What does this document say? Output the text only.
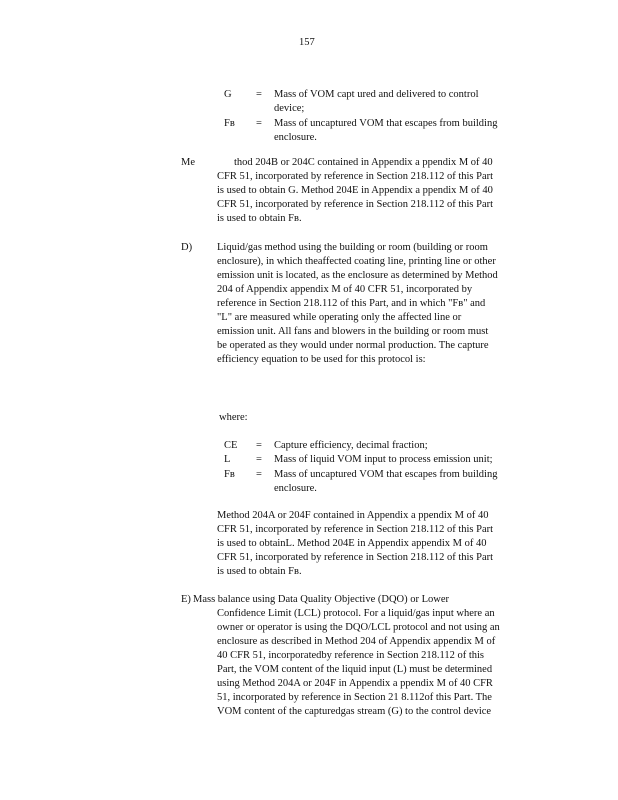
157
G = Mass of VOM capt ured and delivered to control
device;
Fʙ = Mass of uncaptured VOM that escapes from building
enclosure.
Me	thod 204B or 204C contained in Appendix a ppendix M of 40
CFR 51, incorporated by reference in Section 218.112 of this Part
is used to obtain G. Method 204E in Appendix a ppendix M of 40
CFR 51, incorporated by reference in Section 218.112 of this Part
is used to obtain Fʙ.
D) Liquid/gas method using the building or room (building or room
enclosure), in which theaffected coating line, printing line or other
emission unit is located, as the enclosure as determined by Method
204 of Appendix appendix M of 40 CFR 51, incorporated by
reference in Section 218.112 of this Part, and in which "Fʙ" and
"L" are measured while operating only the affected line or
emission unit. All fans and blowers in the building or room must
be operated as they would under normal production. The capture
efficiency equation to be used for this protocol is:
where:
CE = Capture efficiency, decimal fraction;
L = Mass of liquid VOM input to process emission unit;
Fʙ = Mass of uncaptured VOM that escapes from building
enclosure.
Method 204A or 204F contained in Appendix a ppendix M of 40
CFR 51, incorporated by reference in Section 218.112 of this Part
is used to obtainL. Method 204E in Appendix appendix M of 40
CFR 51, incorporated by reference in Section 218.112 of this Part
is used to obtain Fʙ.
E) Mass balance using Data Quality Objective (DQO) or Lower
Confidence Limit (LCL) protocol. For a liquid/gas input where an
owner or operator is using the DQO/LCL protocol and not using an
enclosure as described in Method 204 of Appendix appendix M of
40 CFR 51, incorporatedby reference in Section 218.112 of this
Part, the VOM content of the liquid input (L) must be determined
using Method 204A or 204F in Appendix a ppendix M of 40 CFR
51, incorporated by reference in Section 21 8.112of this Part. The
VOM content of the capturedgas stream (G) to the control device
